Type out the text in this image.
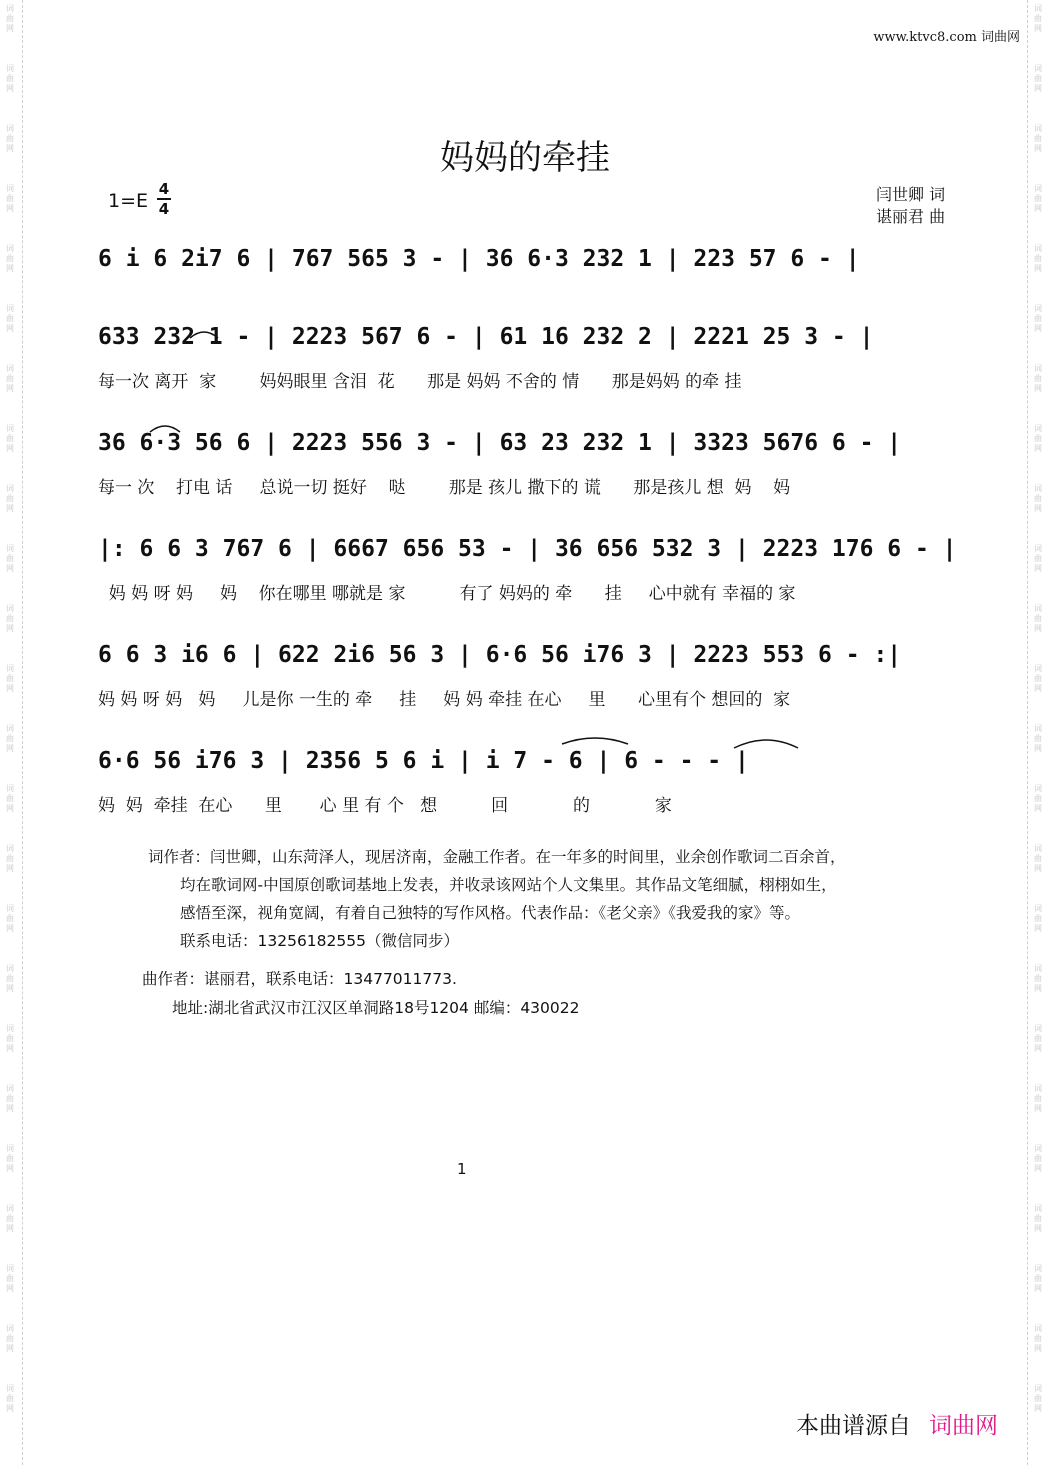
词曲网
词曲网
词曲网
词曲网
词曲网
词曲网
词曲网
词曲网
词曲网
词曲网
词曲网
词曲网
词曲网
词曲网
词曲网
词曲网
词曲网
词曲网
词曲网
词曲网
词曲网
词曲网
词曲网
词曲网
词曲网
词曲网
词曲网
词曲网
词曲网
词曲网
词曲网
词曲网
词曲网
词曲网
词曲网
词曲网
词曲网
词曲网
词曲网
词曲网
词曲网
词曲网
词曲网
词曲网
词曲网
词曲网
词曲网
词曲网
www.ktvc8.com 词曲网
妈妈的牵挂
1=E
4
4
闫世卿 词
谌丽君 曲
6 i 6 2i7 6 | 767 565 3 - | 36 6·3 232 1 | 223 57 6 - |
633 232 1 - | 2223 567 6 - | 61 16 232 2 | 2221 25 3 - |
每一次 离开  家        妈妈眼里 含泪  花      那是 妈妈 不舍的 情      那是妈妈 的牵 挂
36 6·3 56 6 | 2223 556 3 - | 63 23 232 1 | 3323 5676 6 - |
每一 次    打电 话     总说一切 挺好    哒        那是 孩儿 撒下的 谎      那是孩儿 想  妈    妈
|: 6 6 3 767 6 | 6667 656 53 - | 36 656 532 3 | 2223 176 6 - |
妈 妈 呀 妈     妈    你在哪里 哪就是 家          有了 妈妈的 牵      挂     心中就有 幸福的 家
6 6 3 i6 6 | 622 2i6 56 3 | 6·6 56 i76 3 | 2223 553 6 - :|
妈 妈 呀 妈   妈     儿是你 一生的 牵     挂     妈 妈 牵挂 在心     里      心里有个 想回的  家
6·6 56 i76 3 | 2356 5 6 i | i 7 - 6 | 6 - - - |
妈  妈  牵挂  在心      里       心 里 有 个   想          回            的            家
词作者：闫世卿，山东菏泽人，现居济南，金融工作者。在一年多的时间里，业余创作歌词二百余首，
均在歌词网-中国原创歌词基地上发表，并收录该网站个人文集里。其作品文笔细腻，栩栩如生，
感悟至深，视角宽阔，有着自己独特的写作风格。代表作品：《老父亲》《我爱我的家》等。
联系电话：13256182555（微信同步）
曲作者：谌丽君，联系电话：13477011773.
地址:湖北省武汉市江汉区单洞路18号1204 邮编：430022
1
本曲谱源自 词曲网
